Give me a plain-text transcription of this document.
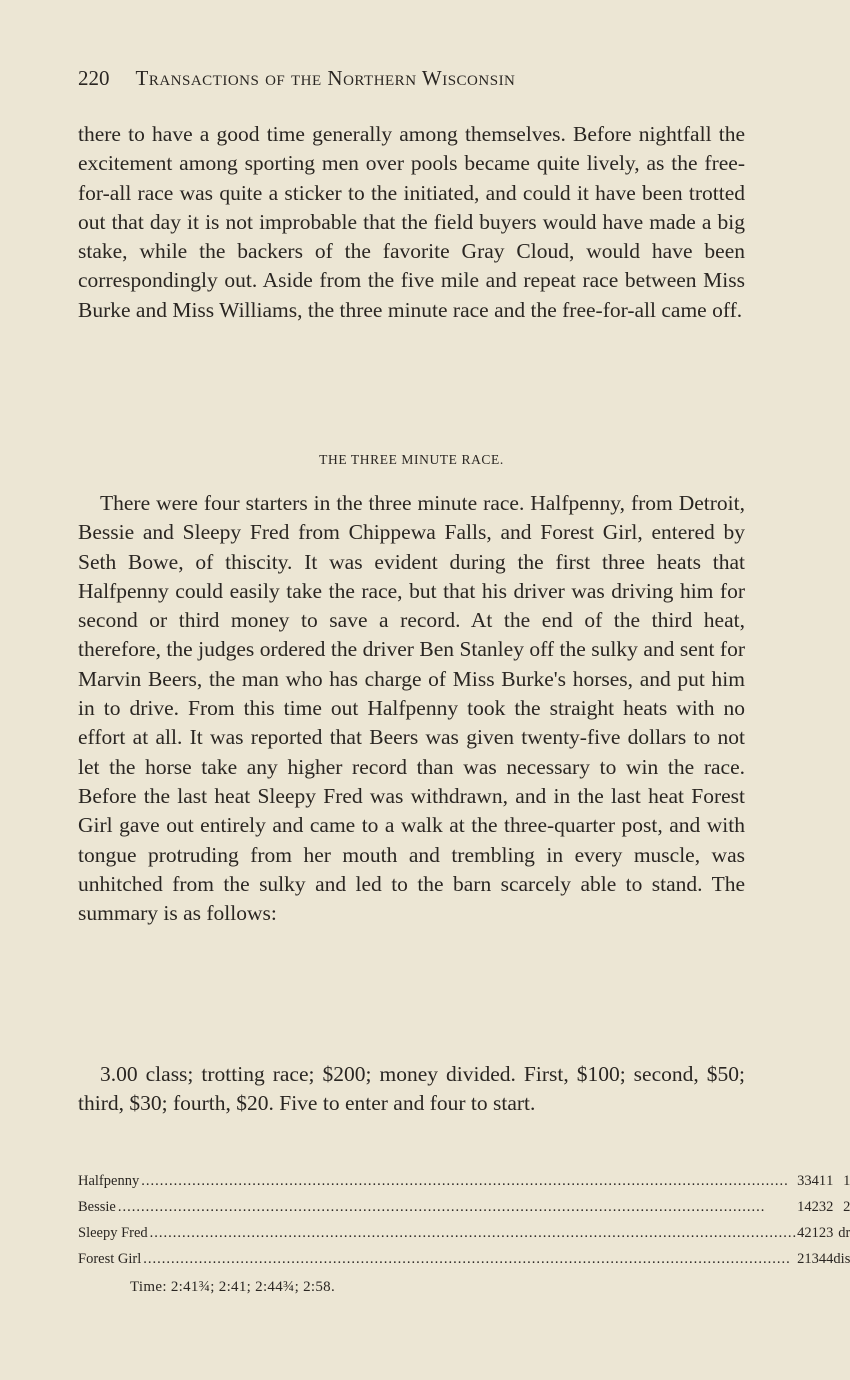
220 Transactions of the Northern Wisconsin

there to have a good time generally among themselves. Before nightfall the excitement among sporting men over pools became quite lively, as the free-for-all race was quite a sticker to the initiated, and could it have been trotted out that day it is not improbable that the field buyers would have made a big stake, while the backers of the favorite Gray Cloud, would have been correspondingly out. Aside from the five mile and repeat race between Miss Burke and Miss Williams, the three minute race and the free-for-all came off.

THE THREE MINUTE RACE.

There were four starters in the three minute race. Halfpenny, from Detroit, Bessie and Sleepy Fred from Chippewa Falls, and Forest Girl, entered by Seth Bowe, of thiscity. It was evident during the first three heats that Halfpenny could easily take the race, but that his driver was driving him for second or third money to save a record. At the end of the third heat, therefore, the judges ordered the driver Ben Stanley off the sulky and sent for Marvin Beers, the man who has charge of Miss Burke's horses, and put him in to drive. From this time out Halfpenny took the straight heats with no effort at all. It was reported that Beers was given twenty-five dollars to not let the horse take any higher record than was necessary to win the race. Before the last heat Sleepy Fred was withdrawn, and in the last heat Forest Girl gave out entirely and came to a walk at the three-quarter post, and with tongue protruding from her mouth and trembling in every muscle, was unhitched from the sulky and led to the barn scarcely able to stand. The summary is as follows:

3.00 class; trotting race; $200; money divided. First, $100; second, $50; third, $30; fourth, $20. Five to enter and four to start.

Halfpenny ............................................................................................................................................	3	3	4	1	1	1
Bessie ............................................................................................................................................	1	4	2	3	2	2
Sleepy Fred ............................................................................................................................................	4	2	1	2	3	dr
Forest Girl ............................................................................................................................................	2	1	3	4	4	dis
Time: 2:41¾; 2:41; 2:44¾; 2:58.
